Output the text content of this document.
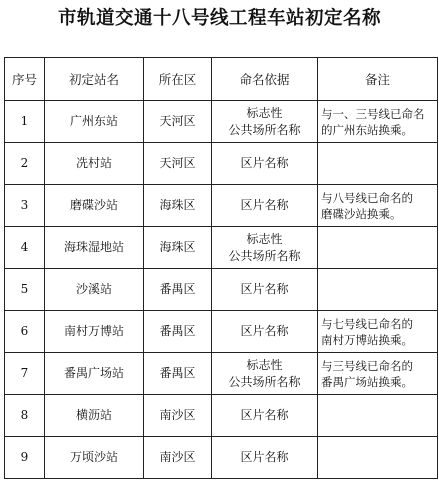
市轨道交通十八号线工程车站初定名称
序号	初定站名	所在区	命名依据	备注
1	广州东站	天河区	标志性
公共场所名称	与一、三号线已命名
的广州东站换乘。

2	冼村站	天河区	区片名称	

3	磨碟沙站	海珠区	区片名称	与八号线已命名的
磨碟沙站换乘。

4	海珠湿地站	海珠区	标志性
公共场所名称	

5	沙溪站	番禺区	区片名称	

6	南村万博站	番禺区	区片名称	与七号线已命名的
南村万博站换乘。

7	番禺广场站	番禺区	标志性
公共场所名称	与三号线已命名的
番禺广场站换乘。

8	横沥站	南沙区	区片名称	

9	万顷沙站	南沙区	区片名称	
